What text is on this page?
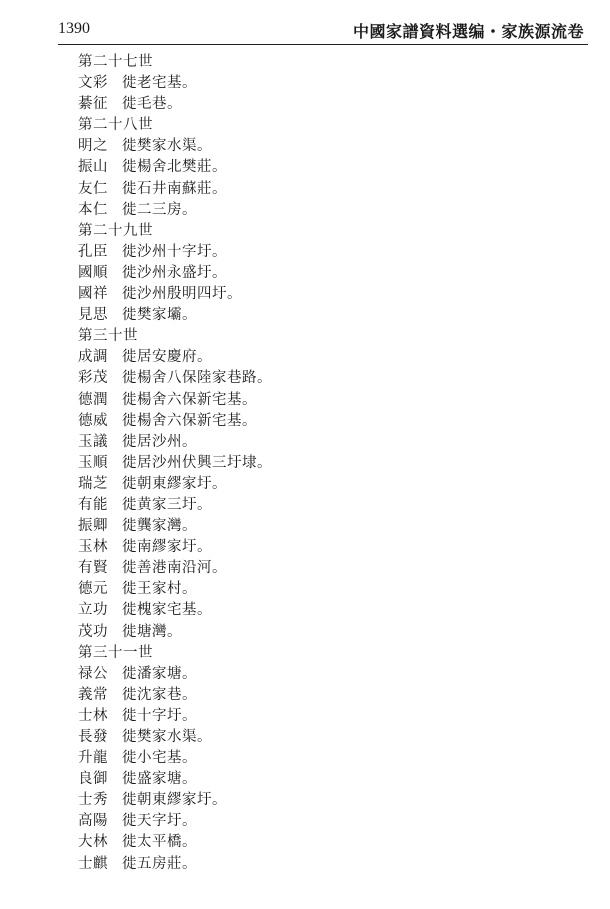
1390	中國家譜資料選编・家族源流卷
第二十七世
文彩 徙老宅基。
綦征 徙毛巷。
第二十八世
明之 徙樊家水渠。
振山 徙楊舍北樊莊。
友仁 徙石井南蘇莊。
本仁 徙二三房。
第二十九世
孔臣 徙沙州十字圩。
國順 徙沙州永盛圩。
國祥 徙沙州殷明四圩。
見思 徙樊家壩。
第三十世
成調 徙居安慶府。
彩茂 徙楊舍八保陸家巷路。
德潤 徙楊舍六保新宅基。
德威 徙楊舍六保新宅基。
玉議 徙居沙州。
玉順 徙居沙州伏興三圩埭。
瑞芝 徙朝東繆家圩。
有能 徙黄家三圩。
振卿 徙龔家灣。
玉林 徙南繆家圩。
有賢 徙善港南沿河。
德元 徙王家村。
立功 徙槐家宅基。
茂功 徙塘灣。
第三十一世
禄公 徙潘家塘。
義常 徙沈家巷。
士林 徙十字圩。
長發 徙樊家水渠。
升龍 徙小宅基。
良御 徙盛家塘。
士秀 徙朝東繆家圩。
高陽 徙天字圩。
大林 徙太平橋。
士麒 徙五房莊。
